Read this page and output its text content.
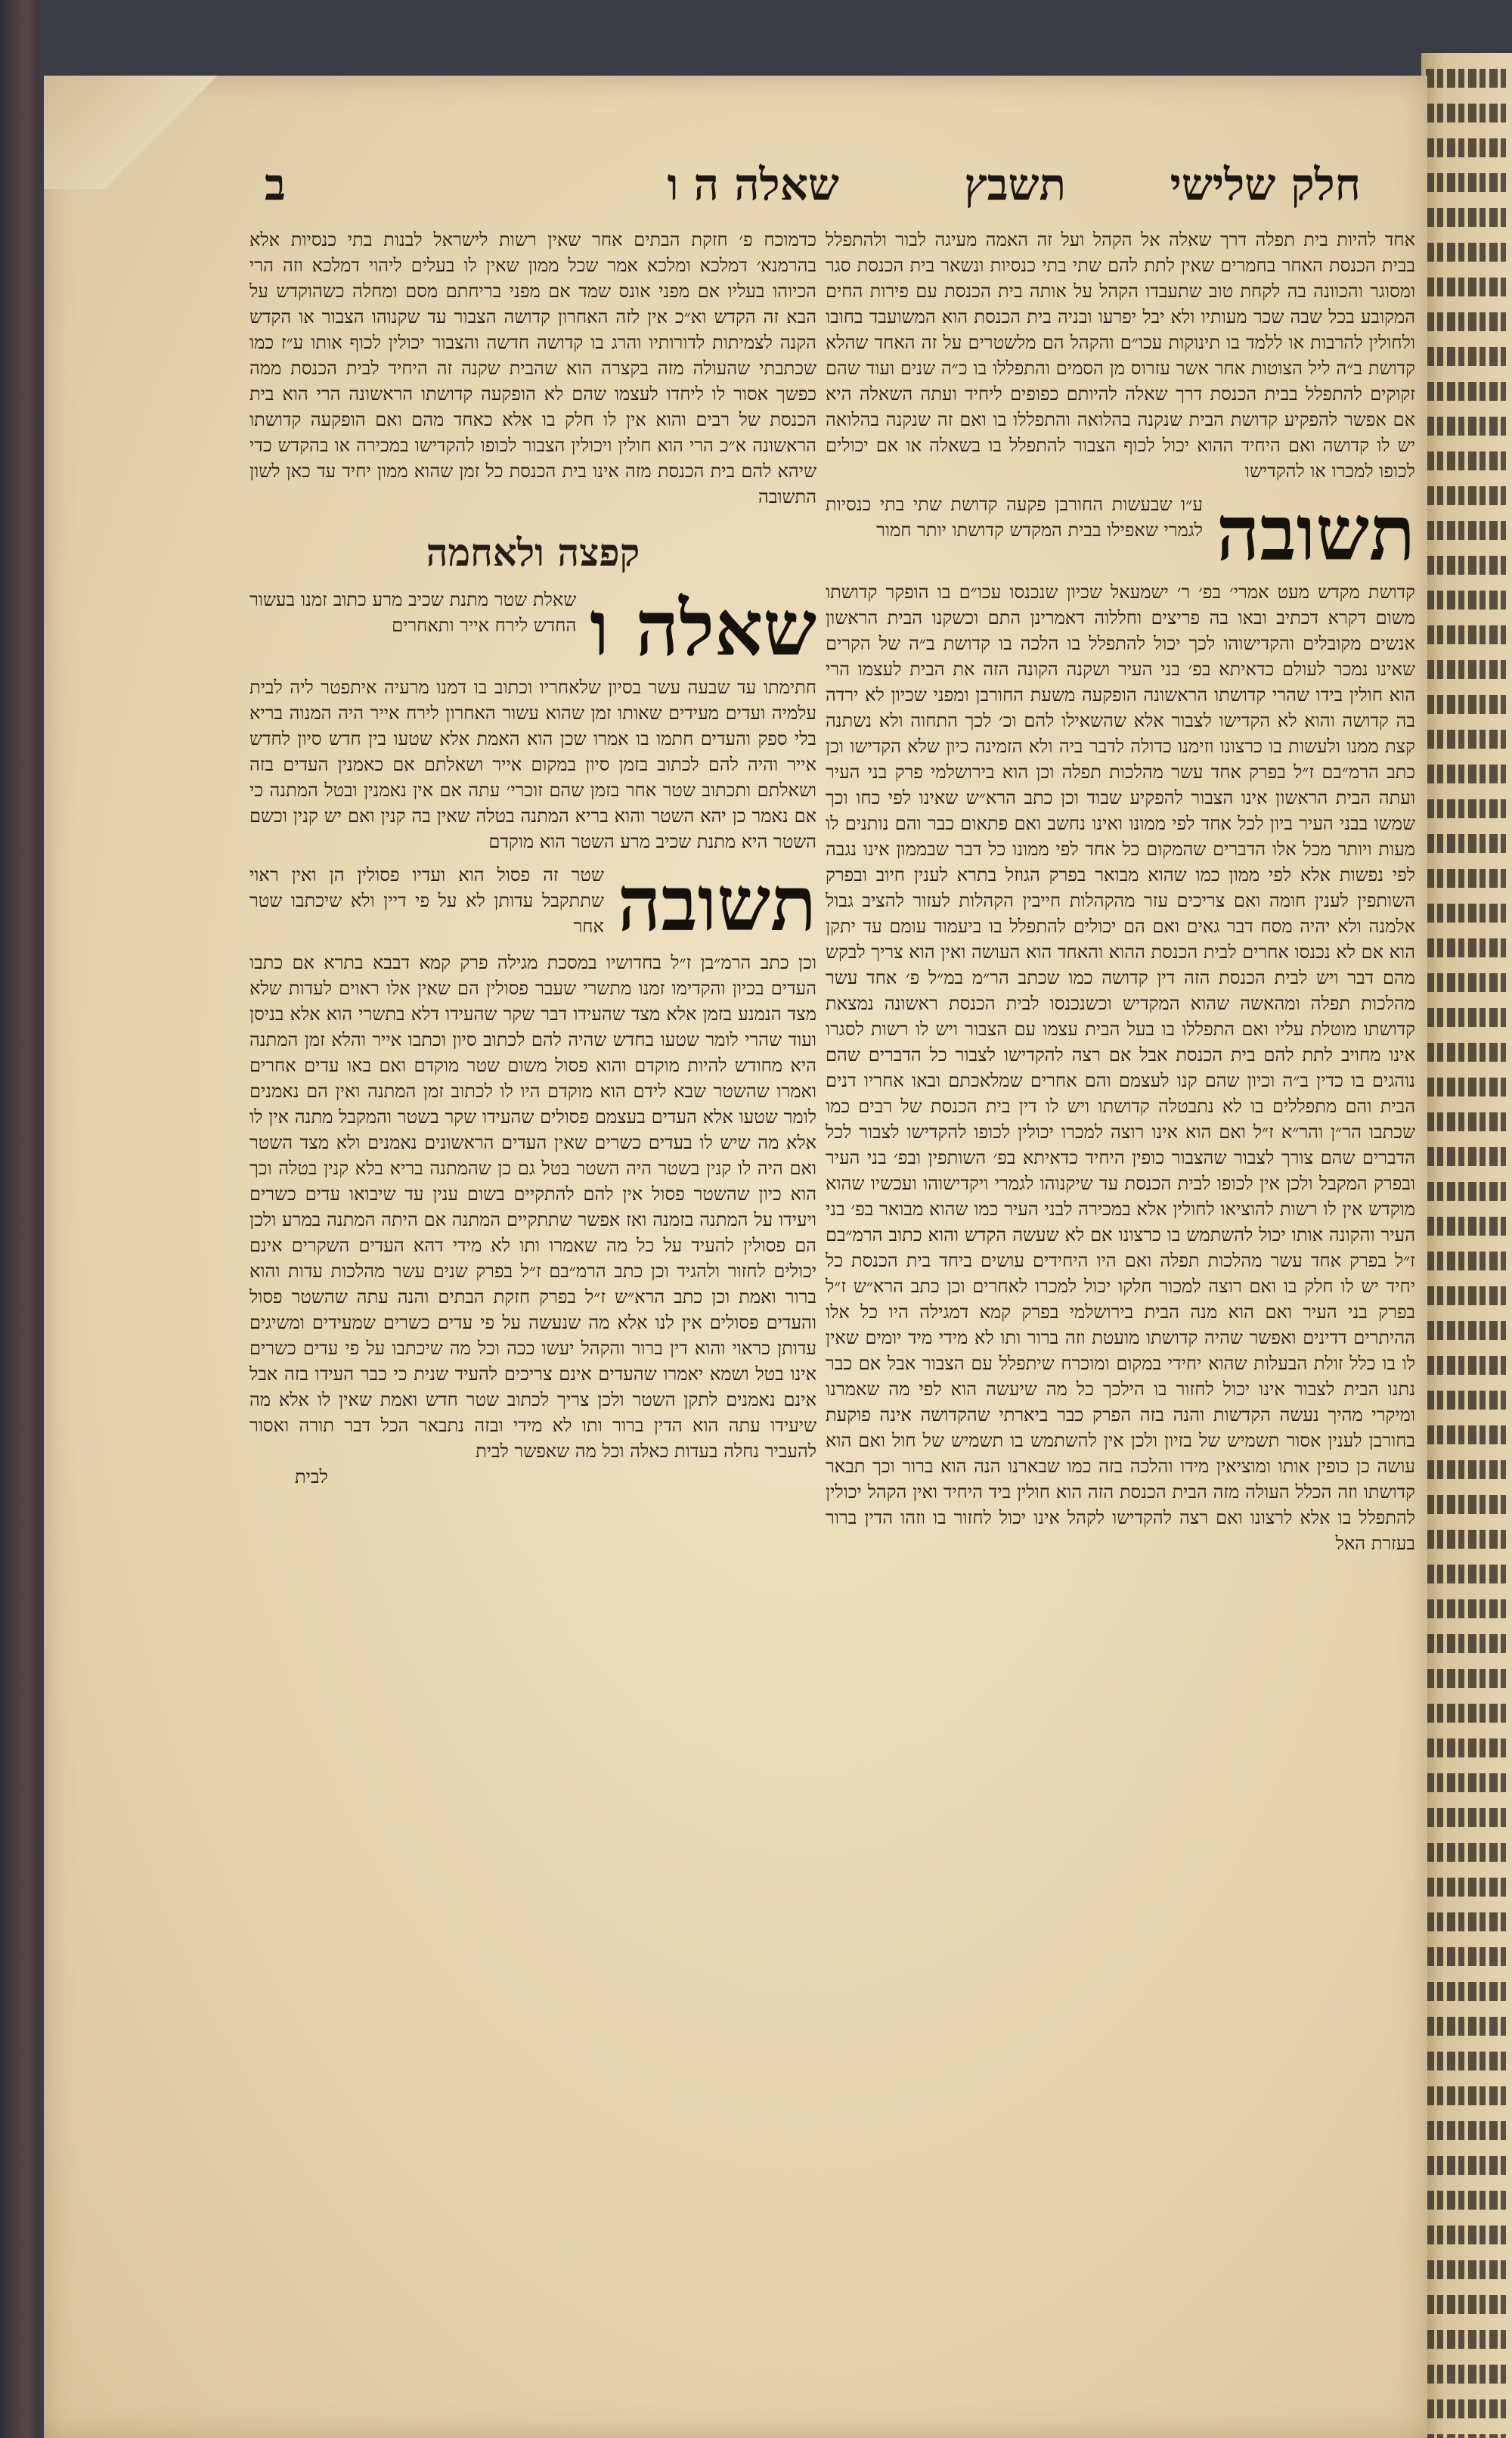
חלק שלישי
תשבץ
שאלה ה ו
ב
אחד להיות בית תפלה דרך שאלה אל הקהל ועל זה האמה מעיגה לבור ולהתפלל בבית הכנסת האחר בחמרים שאין לתת להם שתי בתי כנסיות ונשאר בית הכנסת סגר ומסוגר והכוונה בה לקחת טוב שתעבדו הקהל על אותה בית הכנסת עם פירות החים המקובע בכל שבה שכר מעותיו ולא יבל יפרעו ובניה בית הכנסת הוא המשועבד בחובו ולחולין להרבות או ללמד בו תינוקות עכו״ם והקהל הם מלשטרים על זה האחד שהלא קדושת ב״ה ליל הצוטות אחר אשר עזרוס מן הסמים והתפללו בו כ״ה שנים ועוד שהם זקוקים להתפלל בבית הכנסת דרך שאלה להיותם כפופים ליחיד ועתה השאלה היא אם אפשר להפקיע קדושת הבית שנקנה בהלואה והתפללו בו ואם זה שנקנה בהלואה יש לו קדושה ואם היחיד ההוא יכול לכוף הצבור להתפלל בו בשאלה או אם יכולים לכופו למכרו או להקדישו
תשובה
ע״ו שבעשות החורבן פקעה קדושת שתי בתי כנסיות לגמרי שאפילו בבית המקדש קדושתו יותר חמור
קדושת מקדש מעט אמרי׳ בפ׳ ר׳ ישמעאל שכיון שנכנסו עכו״ם בו הופקר קדושתו משום דקרא דכתיב ובאו בה פריצים וחללוה דאמרינן התם וכשקנו הבית הראשון אנשים מקובלים והקדישוהו לכך יכול להתפלל בו הלכה בו קדושת ב״ה של הקרים שאינו נמכר לעולם כדאיתא בפ׳ בני העיר ושקנה הקונה הזה את הבית לעצמו הרי הוא חולין בידו שהרי קדושתו הראשונה הופקעה משעת החורבן ומפני שכיון לא ירדה בה קדושה והוא לא הקדישו לצבור אלא שהשאילו להם וכ׳ לכך התחוה ולא נשתנה קצת ממנו ולעשות בו כרצונו וזימנו כדולה לדבר ביה ולא הזמינה כיון שלא הקדישו וכן כתב הרמ״בם ז״ל בפרק אחד עשר מהלכות תפלה וכן הוא בירושלמי פרק בני העיר ועתה הבית הראשון אינו הצבור להפקיע שבוד וכן כתב הרא״ש שאינו לפי כחו וכך שמשו בבני העיר ביון לכל אחד לפי ממונו ואינו נחשב ואם פתאום כבר והם נותנים לו מעות ויותר מכל אלו הדברים שהמקום כל אחד לפי ממונו כל דבר שבממון אינו נגבה לפי נפשות אלא לפי ממון כמו שהוא מבואר בפרק הגוזל בתרא לענין חיוב ובפרק השותפין לענין חומה ואם צריכים עזר מהקהלות חייבין הקהלות לעזור להציב גבול אלמנה ולא יהיה מסח דבר גאים ואם הם יכולים להתפלל בו ביעמוד עומם עד יתקן הוא אם לא נכנסו אחרים לבית הכנסת ההוא והאחד הוא העושה ואין הוא צריך לבקש מהם דבר ויש לבית הכנסת הזה דין קדושה כמו שכתב הר״מ במ״ל פ׳ אחד עשר מהלכות תפלה ומהאשה שהוא המקדיש וכשנכנסו לבית הכנסת ראשונה נמצאת קדושתו מוטלת עליו ואם התפללו בו בעל הבית עצמו עם הצבור ויש לו רשות לסגרו אינו מחויב לתת להם בית הכנסת אבל אם רצה להקדישו לצבור כל הדברים שהם נוהגים בו כדין ב״ה וכיון שהם קנו לעצמם והם אחרים שמלאכתם ובאו אחריו דנים הבית והם מתפללים בו לא נתבטלה קדושתו ויש לו דין בית הכנסת של רבים כמו שכתבו הר״ן והר״א ז״ל ואם הוא אינו רוצה למכרו יכולין לכופו להקדישו לצבור לכל הדברים שהם צורך לצבור שהצבור כופין היחיד כדאיתא בפ׳ השותפין ובפ׳ בני העיר ובפרק המקבל ולכן אין לכופו לבית הכנסת עד שיקנוהו לגמרי ויקדישוהו ועכשיו שהוא מוקדש אין לו רשות להוציאו לחולין אלא במכירה לבני העיר כמו שהוא מבואר בפ׳ בני העיר והקונה אותו יכול להשתמש בו כרצונו אם לא שעשה הקדש והוא כתוב הרמ״בם ז״ל בפרק אחד עשר מהלכות תפלה ואם היו היחידים עושים ביחד בית הכנסת כל יחיד יש לו חלק בו ואם רוצה למכור חלקו יכול למכרו לאחרים וכן כתב הרא״ש ז״ל בפרק בני העיר ואם הוא מנה הבית בירושלמי בפרק קמא דמגילה היו כל אלו ההיתרים דדינים ואפשר שהיה קדושתו מועטת וזה ברור ותו לא מידי מיד יומים שאין לו בו כלל זולת הבעלות שהוא יחידי במקום ומוכרח שיתפלל עם הצבור אבל אם כבר נתנו הבית לצבור אינו יכול לחזור בו הילכך כל מה שיעשה הוא לפי מה שאמרנו ומיקרי מהיך נעשה הקדשות והנה בזה הפרק כבר ביארתי שהקדושה אינה פוקעת בחורבן לענין אסור תשמיש של בזיון ולכן אין להשתמש בו תשמיש של חול ואם הוא עושה כן כופין אותו ומוציאין מידו והלכה בזה כמו שבארנו הנה הוא ברור וכך תבאר קדושתו וזה הכלל העולה מזה הבית הכנסת הזה הוא חולין ביד היחיד ואין הקהל יכולין להתפלל בו אלא לרצונו ואם רצה להקדישו לקהל אינו יכול לחזור בו וזהו הדין ברור בעזרת האל
כדמוכח פ׳ חזקת הבתים אחר שאין רשות לישראל לבנות בתי כנסיות אלא בהרמנא׳ דמלכא ומלכא אמר שכל ממון שאין לו בעלים ליהוי דמלכא וזה הרי הכיוהו בעליו אם מפני אונס שמד אם מפני בריחתם מסם ומחלה כשהוקדש על הבא זה הקדש וא״כ אין לזה האחרון קדושה הצבור עד שקנוהו הצבור או הקדש הקנה לצמיתות לדורותיו והרג בו קדושה חדשה והצבור יכולין לכוף אותו ע״ז כמו שכתבתי שהעולה מזה בקצרה הוא שהבית שקנה זה היחיד לבית הכנסת ממה כפשך אסור לו ליחדו לעצמו שהם לא הופקעה קדושתו הראשונה הרי הוא בית הכנסת של רבים והוא אין לו חלק בו אלא כאחד מהם ואם הופקעה קדושתו הראשונה א״כ הרי הוא חולין ויכולין הצבור לכופו להקדישו במכירה או בהקדש כדי שיהא להם בית הכנסת מזה אינו בית הכנסת כל זמן שהוא ממון יחיד עד כאן לשון התשובה
קפצה ולאחמה
שאלה ו
שאלת שטר מתנת שכיב מרע כתוב זמנו בעשור החדש לירח אייר ותאחרים
חתימתו עד שבעה עשר בסיון שלאחריו וכתוב בו דמנו מרעיה איתפטר ליה לבית עלמיה ועדים מעידים שאותו זמן שהוא עשור האחרון לירח אייר היה המנוה בריא בלי ספק והעדים חתמו בו אמרו שכן הוא האמת אלא שטעו בין חדש סיון לחדש אייר והיה להם לכתוב בזמן סיון במקום אייר ושאלתם אם כאמנין העדים בזה ושאלתם ותכתוב שטר אחר בזמן שהם זוכרי׳ עתה אם אין נאמנין ובטל המתנה כי אם נאמר כן יהא השטר והוא בריא המתנה בטלה שאין בה קנין ואם יש קנין וכשם השטר היא מתנת שכיב מרע השטר הוא מוקדם
תשובה
שטר זה פסול הוא ועדיו פסולין הן ואין ראוי שתתקבל עדותן לא על פי דיין ולא שיכתבו שטר אחר
וכן כתב הרמ״בן ז״ל בחדושיו במסכת מגילה פרק קמא דבבא בתרא אם כתבו העדים בכיון והקדימו זמנו מתשרי שעבר פסולין הם שאין אלו ראוים לעדות שלא מצד הנמנע בזמן אלא מצד שהעידו דבר שקר שהעידו דלא בתשרי הוא אלא בניסן ועוד שהרי לומר שטעו בחדש שהיה להם לכתוב סיון וכתבו אייר והלא זמן המתנה היא מחודש להיות מוקדם והוא פסול משום שטר מוקדם ואם באו עדים אחרים ואמרו שהשטר שבא לידם הוא מוקדם היו לו לכתוב זמן המתנה ואין הם נאמנים לומר שטעו אלא העדים בעצמם פסולים שהעידו שקר בשטר והמקבל מתנה אין לו אלא מה שיש לו בעדים כשרים שאין העדים הראשונים נאמנים ולא מצד השטר ואם היה לו קנין בשטר היה השטר בטל גם כן שהמתנה בריא בלא קנין בטלה וכך הוא כיון שהשטר פסול אין להם להתקיים בשום ענין עד שיבואו עדים כשרים ויעידו על המתנה בזמנה ואז אפשר שתתקיים המתנה אם היתה המתנה במרע ולכן הם פסולין להעיד על כל מה שאמרו ותו לא מידי דהא העדים השקרים אינם יכולים לחזור ולהגיד וכן כתב הרמ״בם ז״ל בפרק שנים עשר מהלכות עדות והוא ברור ואמת וכן כתב הרא״ש ז״ל בפרק חזקת הבתים והנה עתה שהשטר פסול והעדים פסולים אין לנו אלא מה שנעשה על פי עדים כשרים שמעידים ומשיגים עדותן כראוי והוא דין ברור והקהל יעשו ככה וכל מה שיכתבו על פי עדים כשרים אינו בטל ושמא יאמרו שהעדים אינם צריכים להעיד שנית כי כבר העידו בזה אבל אינם נאמנים לתקן השטר ולכן צריך לכתוב שטר חדש ואמת שאין לו אלא מה שיעידו עתה הוא הדין ברור ותו לא מידי ובזה נתבאר הכל דבר תורה ואסור להעביר נחלה בעדות כאלה וכל מה שאפשר לבית
לבית
